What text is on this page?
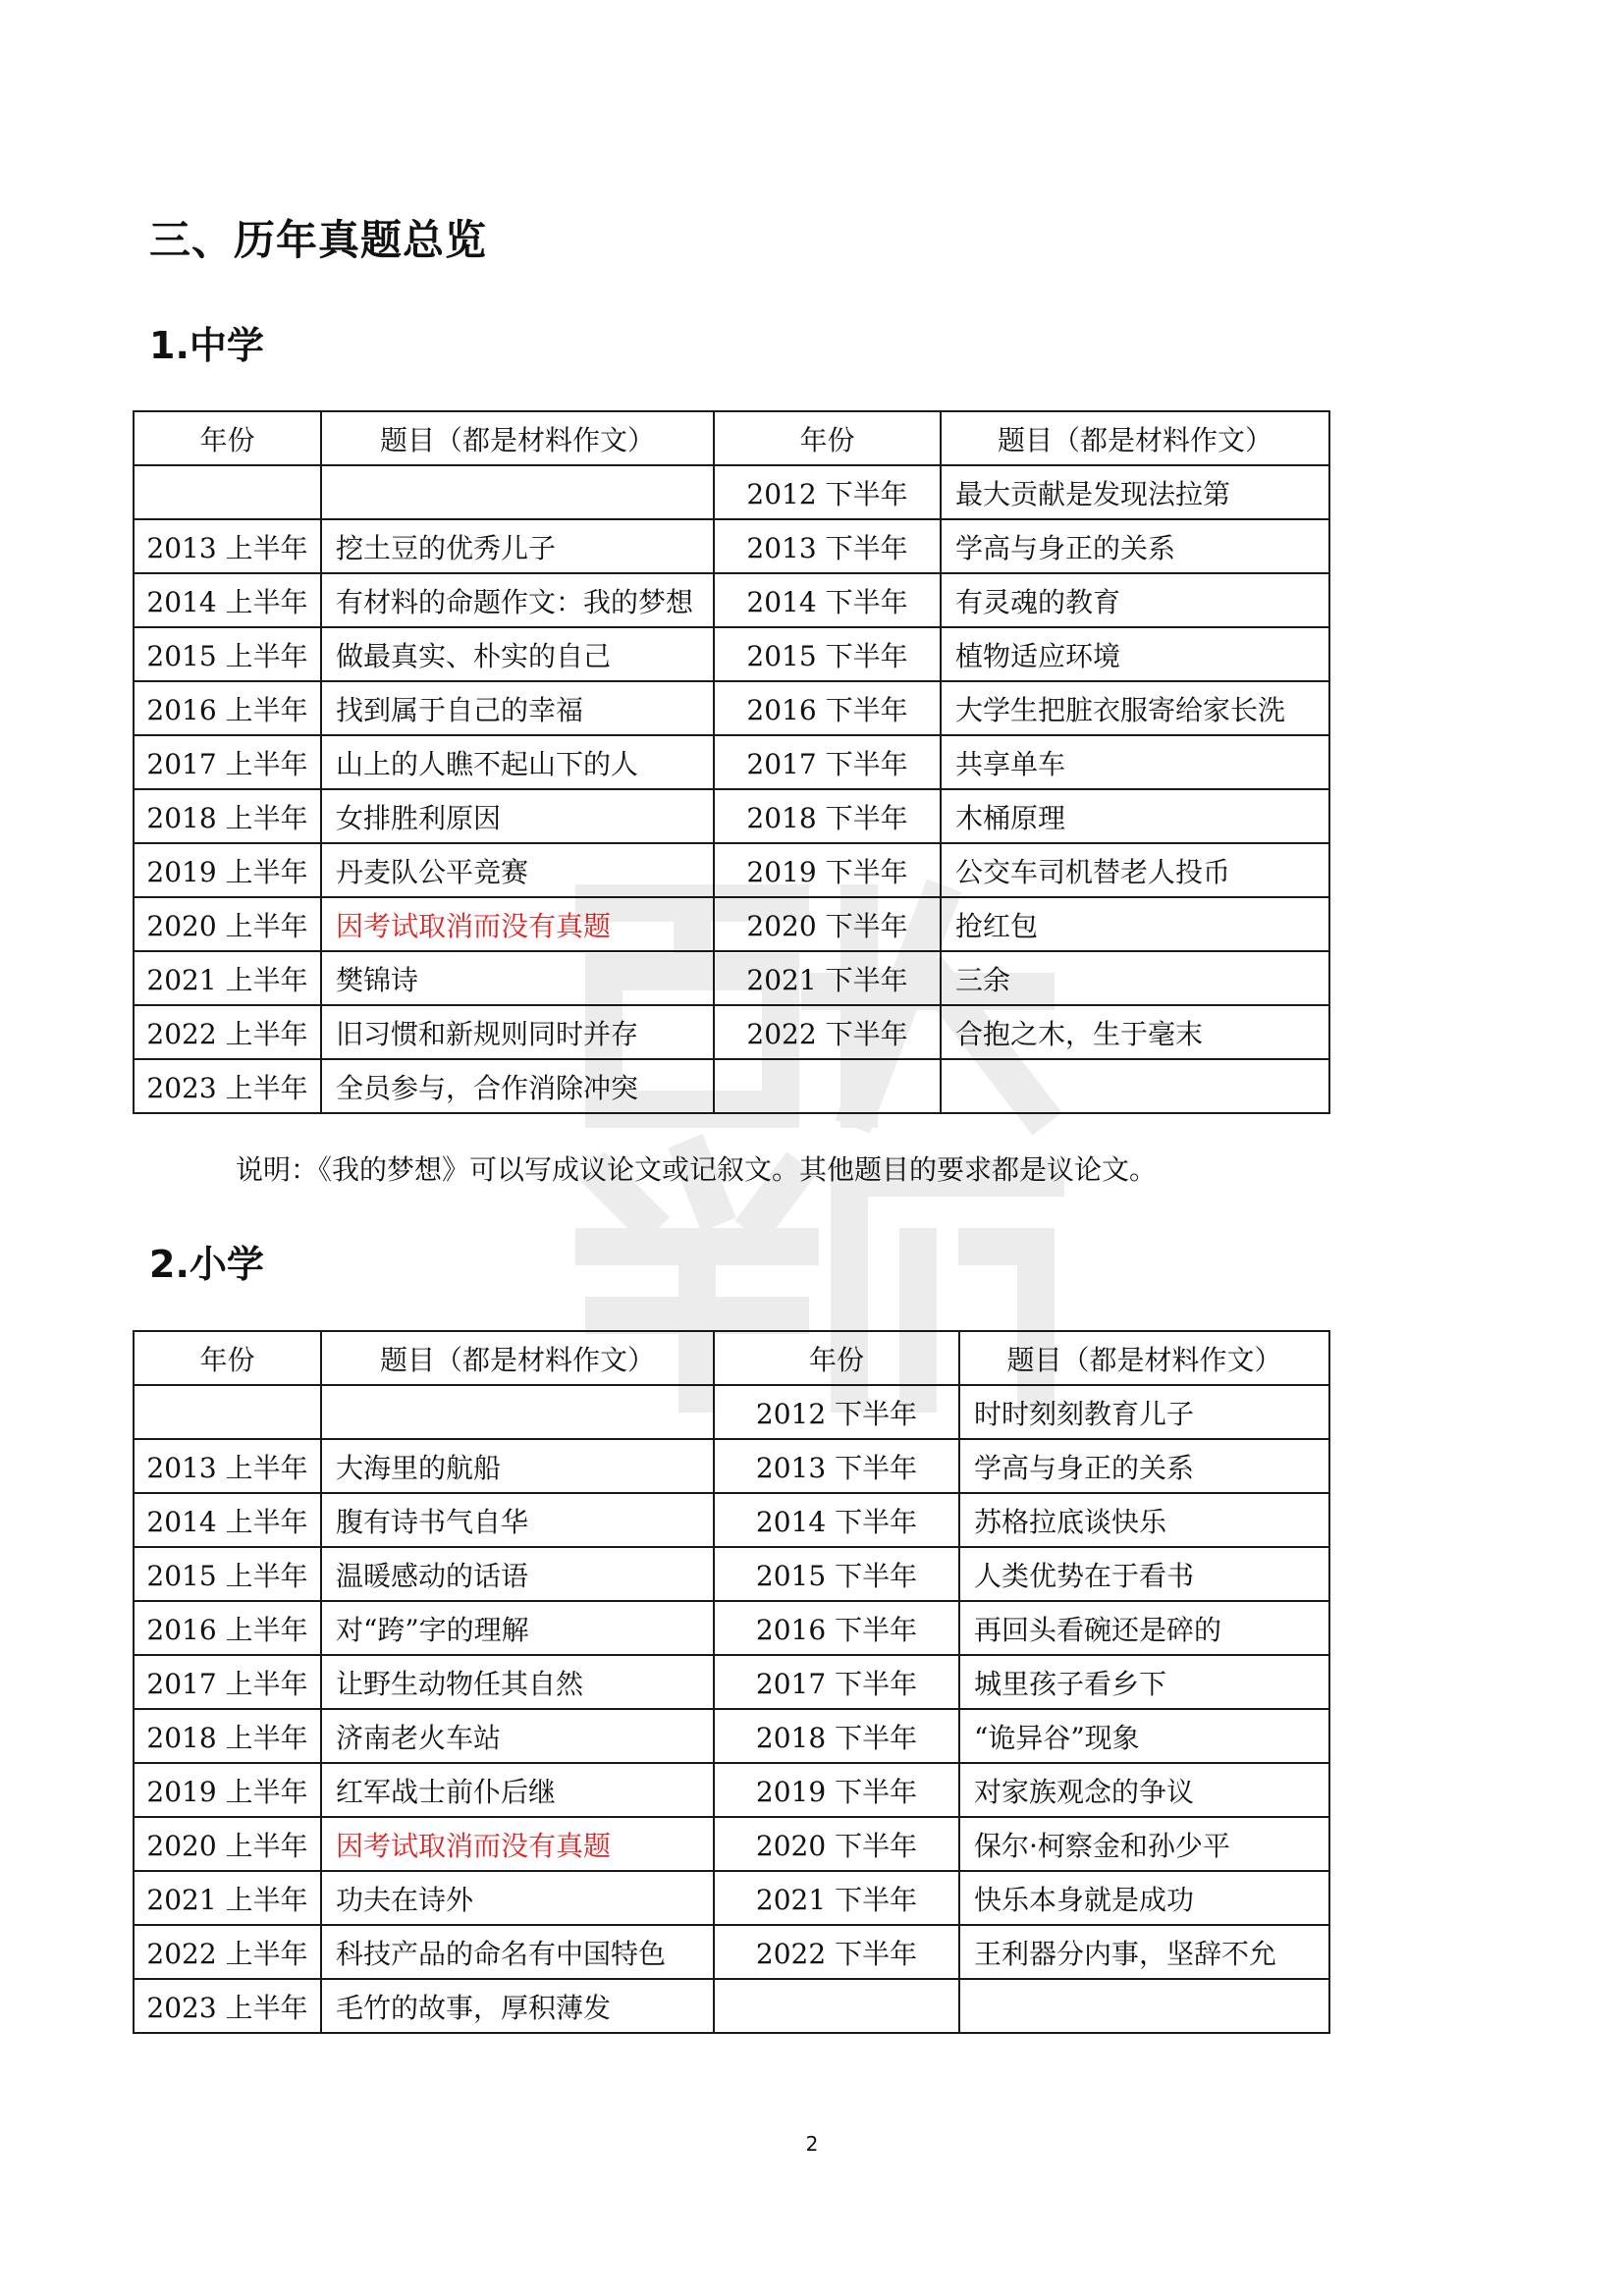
三、历年真题总览
1.中学
年份	题目（都是材料作文）	年份	题目（都是材料作文）
		2012 下半年	最大贡献是发现法拉第
2013 上半年	挖土豆的优秀儿子	2013 下半年	学高与身正的关系
2014 上半年	有材料的命题作文：我的梦想	2014 下半年	有灵魂的教育
2015 上半年	做最真实、朴实的自己	2015 下半年	植物适应环境
2016 上半年	找到属于自己的幸福	2016 下半年	大学生把脏衣服寄给家长洗
2017 上半年	山上的人瞧不起山下的人	2017 下半年	共享单车
2018 上半年	女排胜利原因	2018 下半年	木桶原理
2019 上半年	丹麦队公平竞赛	2019 下半年	公交车司机替老人投币
2020 上半年	因考试取消而没有真题	2020 下半年	抢红包
2021 上半年	樊锦诗	2021 下半年	三余
2022 上半年	旧习惯和新规则同时并存	2022 下半年	合抱之木，生于毫末
2023 上半年	全员参与，合作消除冲突		
说明：《我的梦想》可以写成议论文或记叙文。其他题目的要求都是议论文。
2.小学
年份	题目（都是材料作文）	年份	题目（都是材料作文）
		2012 下半年	时时刻刻教育儿子
2013 上半年	大海里的航船	2013 下半年	学高与身正的关系
2014 上半年	腹有诗书气自华	2014 下半年	苏格拉底谈快乐
2015 上半年	温暖感动的话语	2015 下半年	人类优势在于看书
2016 上半年	对“跨”字的理解	2016 下半年	再回头看碗还是碎的
2017 上半年	让野生动物任其自然	2017 下半年	城里孩子看乡下
2018 上半年	济南老火车站	2018 下半年	“诡异谷”现象
2019 上半年	红军战士前仆后继	2019 下半年	对家族观念的争议
2020 上半年	因考试取消而没有真题	2020 下半年	保尔·柯察金和孙少平
2021 上半年	功夫在诗外	2021 下半年	快乐本身就是成功
2022 上半年	科技产品的命名有中国特色	2022 下半年	王利器分内事，坚辞不允
2023 上半年	毛竹的故事，厚积薄发		
2
